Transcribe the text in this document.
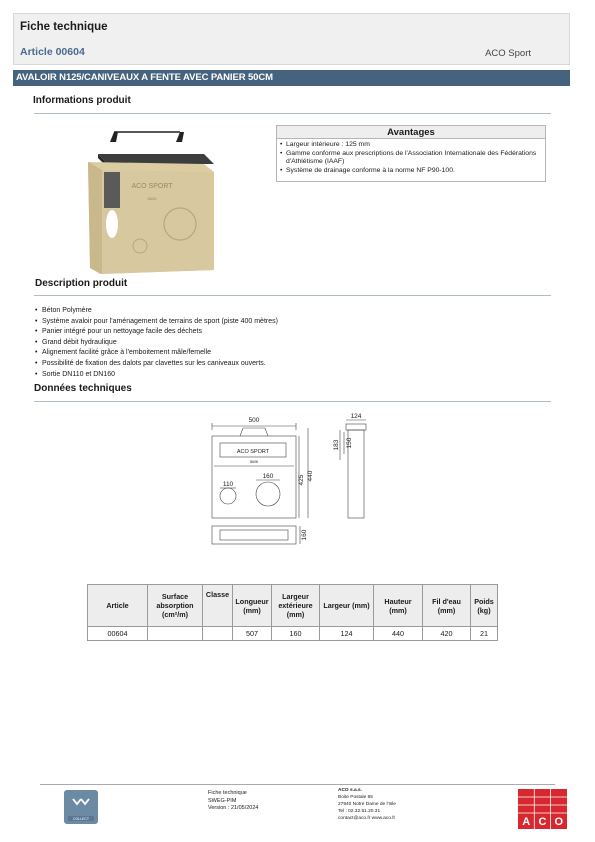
Fiche technique
Article 00604	ACO Sport
AVALOIR N125/CANIVEAUX A FENTE AVEC PANIER 50CM
Informations produit
ACO SPORT
8608
Avantages
• Largeur intérieure : 125 mm
• Gamme conforme aux prescriptions de l'Association Internationale des Fédérations d'Athlétisme (IAAF)
• Système de drainage conforme à la norme NF P90-100.
Description produit
• Béton Polymère
• Système avaloir pour l'aménagement de terrains de sport (piste 400 mètres)
• Panier intégré pour un nettoyage facile des déchets
• Grand débit hydraulique
• Alignement facilité grâce à l'emboitement mâle/femelle
• Possibilité de fixation des dalots par clavettes sur les caniveaux ouverts.
• Sortie DN110 et DN160
Données techniques
500
425 440
ACO SPORT
8608
110
160
124
183 150
160
Article	Surface absorption (cm²/m)	Classe	Longueur (mm)	Largeur extérieure (mm)	Largeur (mm)	Hauteur (mm)	Fil d'eau (mm)	Poids (kg)
00604			507	160	124	440	420	21
COLLECT
Fiche technique
SWEG-PIM
Version : 21/05/2024
ACO s.a.s.
Boite Postale 65
27940 Notre Dame de l'Isle
Tel : 02.32.51.20.31
contact@aco.fr www.aco.fr	A C O
